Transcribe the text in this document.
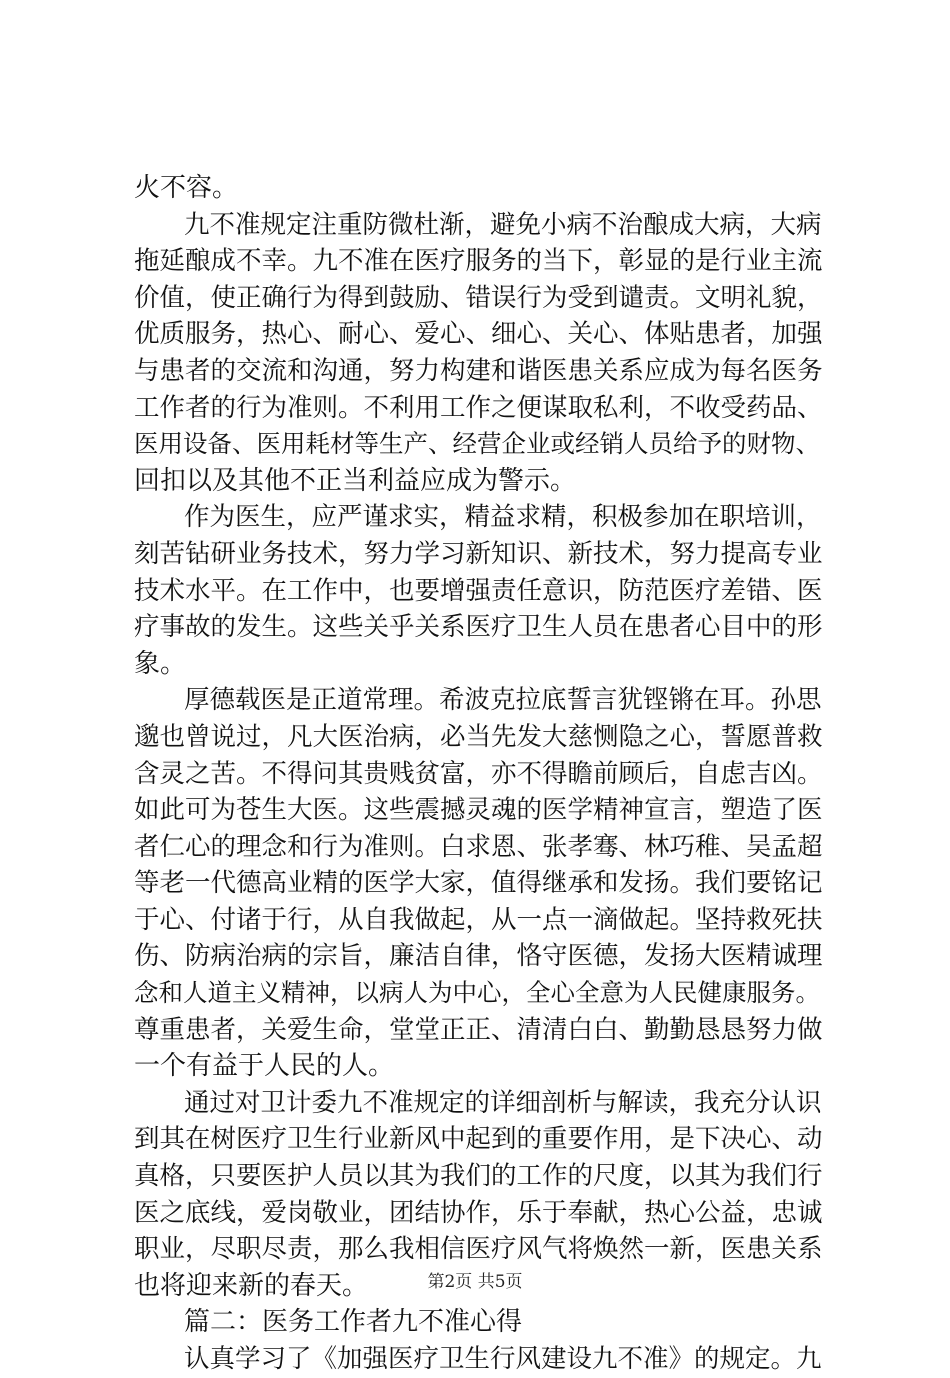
火不容。
九不准规定注重防微杜渐，避免小病不治酿成大病，大病
拖延酿成不幸。九不准在医疗服务的当下，彰显的是行业主流
价值，使正确行为得到鼓励、错误行为受到谴责。文明礼貌，
优质服务，热心、耐心、爱心、细心、关心、体贴患者，加强
与患者的交流和沟通，努力构建和谐医患关系应成为每名医务
工作者的行为准则。不利用工作之便谋取私利，不收受药品、
医用设备、医用耗材等生产、经营企业或经销人员给予的财物、
回扣以及其他不正当利益应成为警示。
作为医生，应严谨求实，精益求精，积极参加在职培训，
刻苦钻研业务技术，努力学习新知识、新技术，努力提高专业
技术水平。在工作中，也要增强责任意识，防范医疗差错、医
疗事故的发生。这些关乎关系医疗卫生人员在患者心目中的形
象。
厚德载医是正道常理。希波克拉底誓言犹铿锵在耳。孙思
邈也曾说过，凡大医治病，必当先发大慈恻隐之心，誓愿普救
含灵之苦。不得问其贵贱贫富，亦不得瞻前顾后，自虑吉凶。
如此可为苍生大医。这些震撼灵魂的医学精神宣言，塑造了医
者仁心的理念和行为准则。白求恩、张孝骞、林巧稚、吴孟超
等老一代德高业精的医学大家，值得继承和发扬。我们要铭记
于心、付诸于行，从自我做起，从一点一滴做起。坚持救死扶
伤、防病治病的宗旨，廉洁自律，恪守医德，发扬大医精诚理
念和人道主义精神，以病人为中心，全心全意为人民健康服务。
尊重患者，关爱生命，堂堂正正、清清白白、勤勤恳恳努力做
一个有益于人民的人。
通过对卫计委九不准规定的详细剖析与解读，我充分认识
到其在树医疗卫生行业新风中起到的重要作用，是下决心、动
真格，只要医护人员以其为我们的工作的尺度，以其为我们行
医之底线，爱岗敬业，团结协作，乐于奉献，热心公益，忠诚
职业，尽职尽责，那么我相信医疗风气将焕然一新，医患关系
也将迎来新的春天。
篇二：医务工作者九不准心得
认真学习了《加强医疗卫生行风建设九不准》的规定。九
第2页 共5页
